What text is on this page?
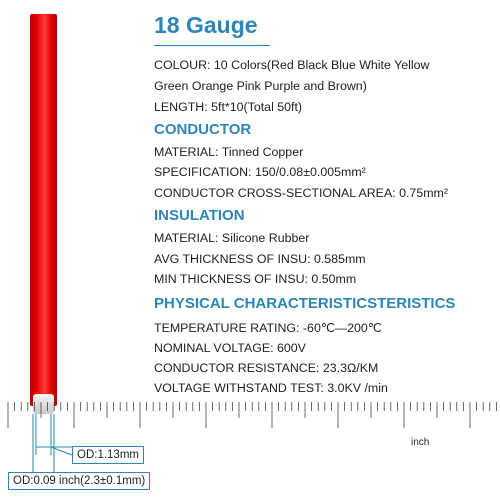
18 Gauge
COLOUR: 10 Colors(Red Black Blue White Yellow
Green Orange Pink Purple and Brown)
LENGTH: 5ft*10(Total 50ft)
CONDUCTOR
MATERIAL: Tinned Copper
SPECIFICATION: 150/0.08±0.005mm²
CONDUCTOR CROSS-SECTIONAL AREA: 0.75mm²
INSULATION
MATERIAL: Silicone Rubber
AVG THICKNESS OF INSU: 0.585mm
MIN THICKNESS OF INSU: 0.50mm
PHYSICAL CHARACTERISTICSTERISTICS
TEMPERATURE RATING: -60℃—200℃
NOMINAL VOLTAGE: 600V
CONDUCTOR RESISTANCE: 23.3Ω/KM
VOLTAGE WITHSTAND TEST: 3.0KV /min
inch
OD:1.13mm
OD:0.09 inch(2.3±0.1mm)
